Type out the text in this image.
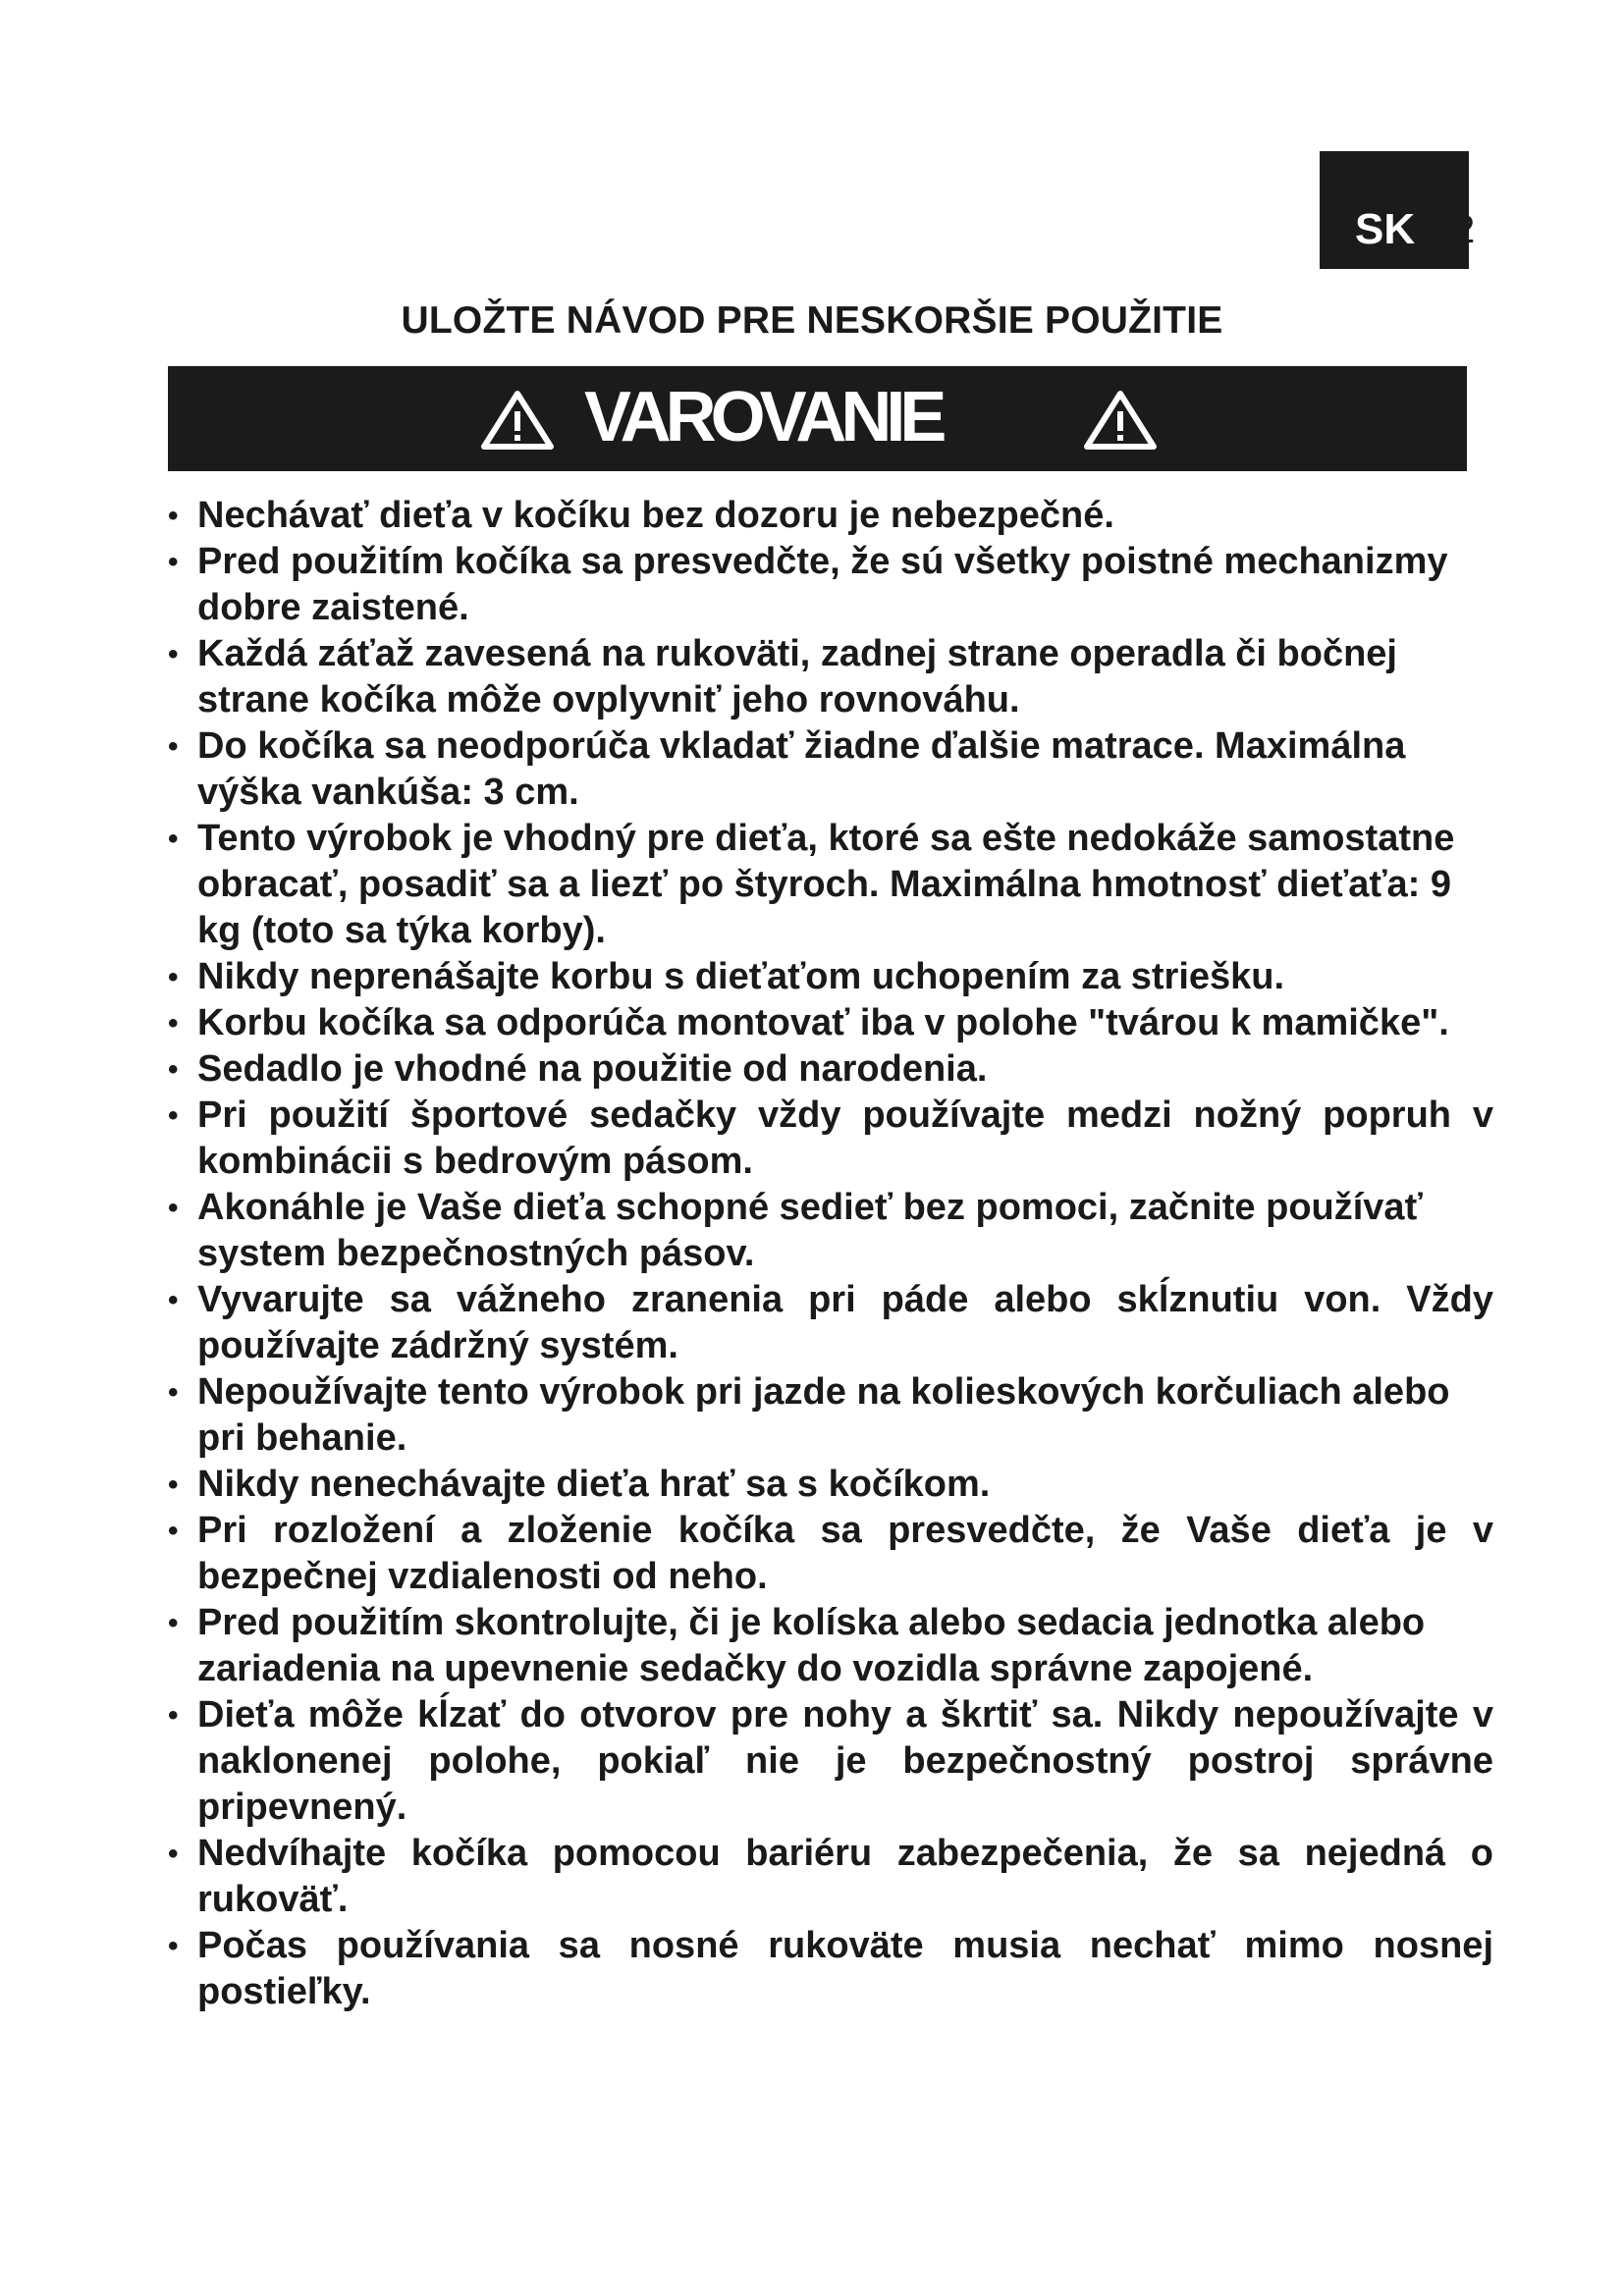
SK 2
ULOŽTE NÁVOD PRE NESKORŠIE POUŽITIE
VAROVANIE
• Nechávať dieťa v kočíku bez dozoru je nebezpečné.
• Pred použitím kočíka sa presvedčte, že sú všetky poistné mechanizmy dobre zaistené.
• Každá záťaž zavesená na rukoväti, zadnej strane operadla či bočnej strane kočíka môže ovplyvniť jeho rovnováhu.
• Do kočíka sa neodporúča vkladať žiadne ďalšie matrace. Maximálna výška vankúša: 3 cm.
• Tento výrobok je vhodný pre dieťa, ktoré sa ešte nedokáže samostatne obracať, posadiť sa a liezť po štyroch. Maximálna hmotnosť dieťaťa: 9 kg (toto sa týka korby).
• Nikdy neprenášajte korbu s dieťaťom uchopením za striešku.
• Korbu kočíka sa odporúča montovať iba v polohe "tvárou k mamičke".
• Sedadlo je vhodné na použitie od narodenia.
• Pri použití športové sedačky vždy používajte medzi nožný popruh v kombinácii s bedrovým pásom.
• Akonáhle je Vaše dieťa schopné sedieť bez pomoci, začnite používať system bezpečnostných pásov.
• Vyvarujte sa vážneho zranenia pri páde alebo skĺznutiu von. Vždy používajte zádržný systém.
• Nepoužívajte tento výrobok pri jazde na kolieskových korčuliach alebo pri behanie.
• Nikdy nenechávajte dieťa hrať sa s kočíkom.
• Pri rozložení a zloženie kočíka sa presvedčte, že Vaše dieťa je v bezpečnej vzdialenosti od neho.
• Pred použitím skontrolujte, či je kolíska alebo sedacia jednotka alebo zariadenia na upevnenie sedačky do vozidla správne zapojené.
• Dieťa môže kĺzať do otvorov pre nohy a škrtiť sa. Nikdy nepoužívajte v naklonenej polohe, pokiaľ nie je bezpečnostný postroj správne pripevnený.
• Nedvíhajte kočíka pomocou bariéru zabezpečenia, že sa nejedná o rukoväť.
• Počas používania sa nosné rukoväte musia nechať mimo nosnej postieľky.
